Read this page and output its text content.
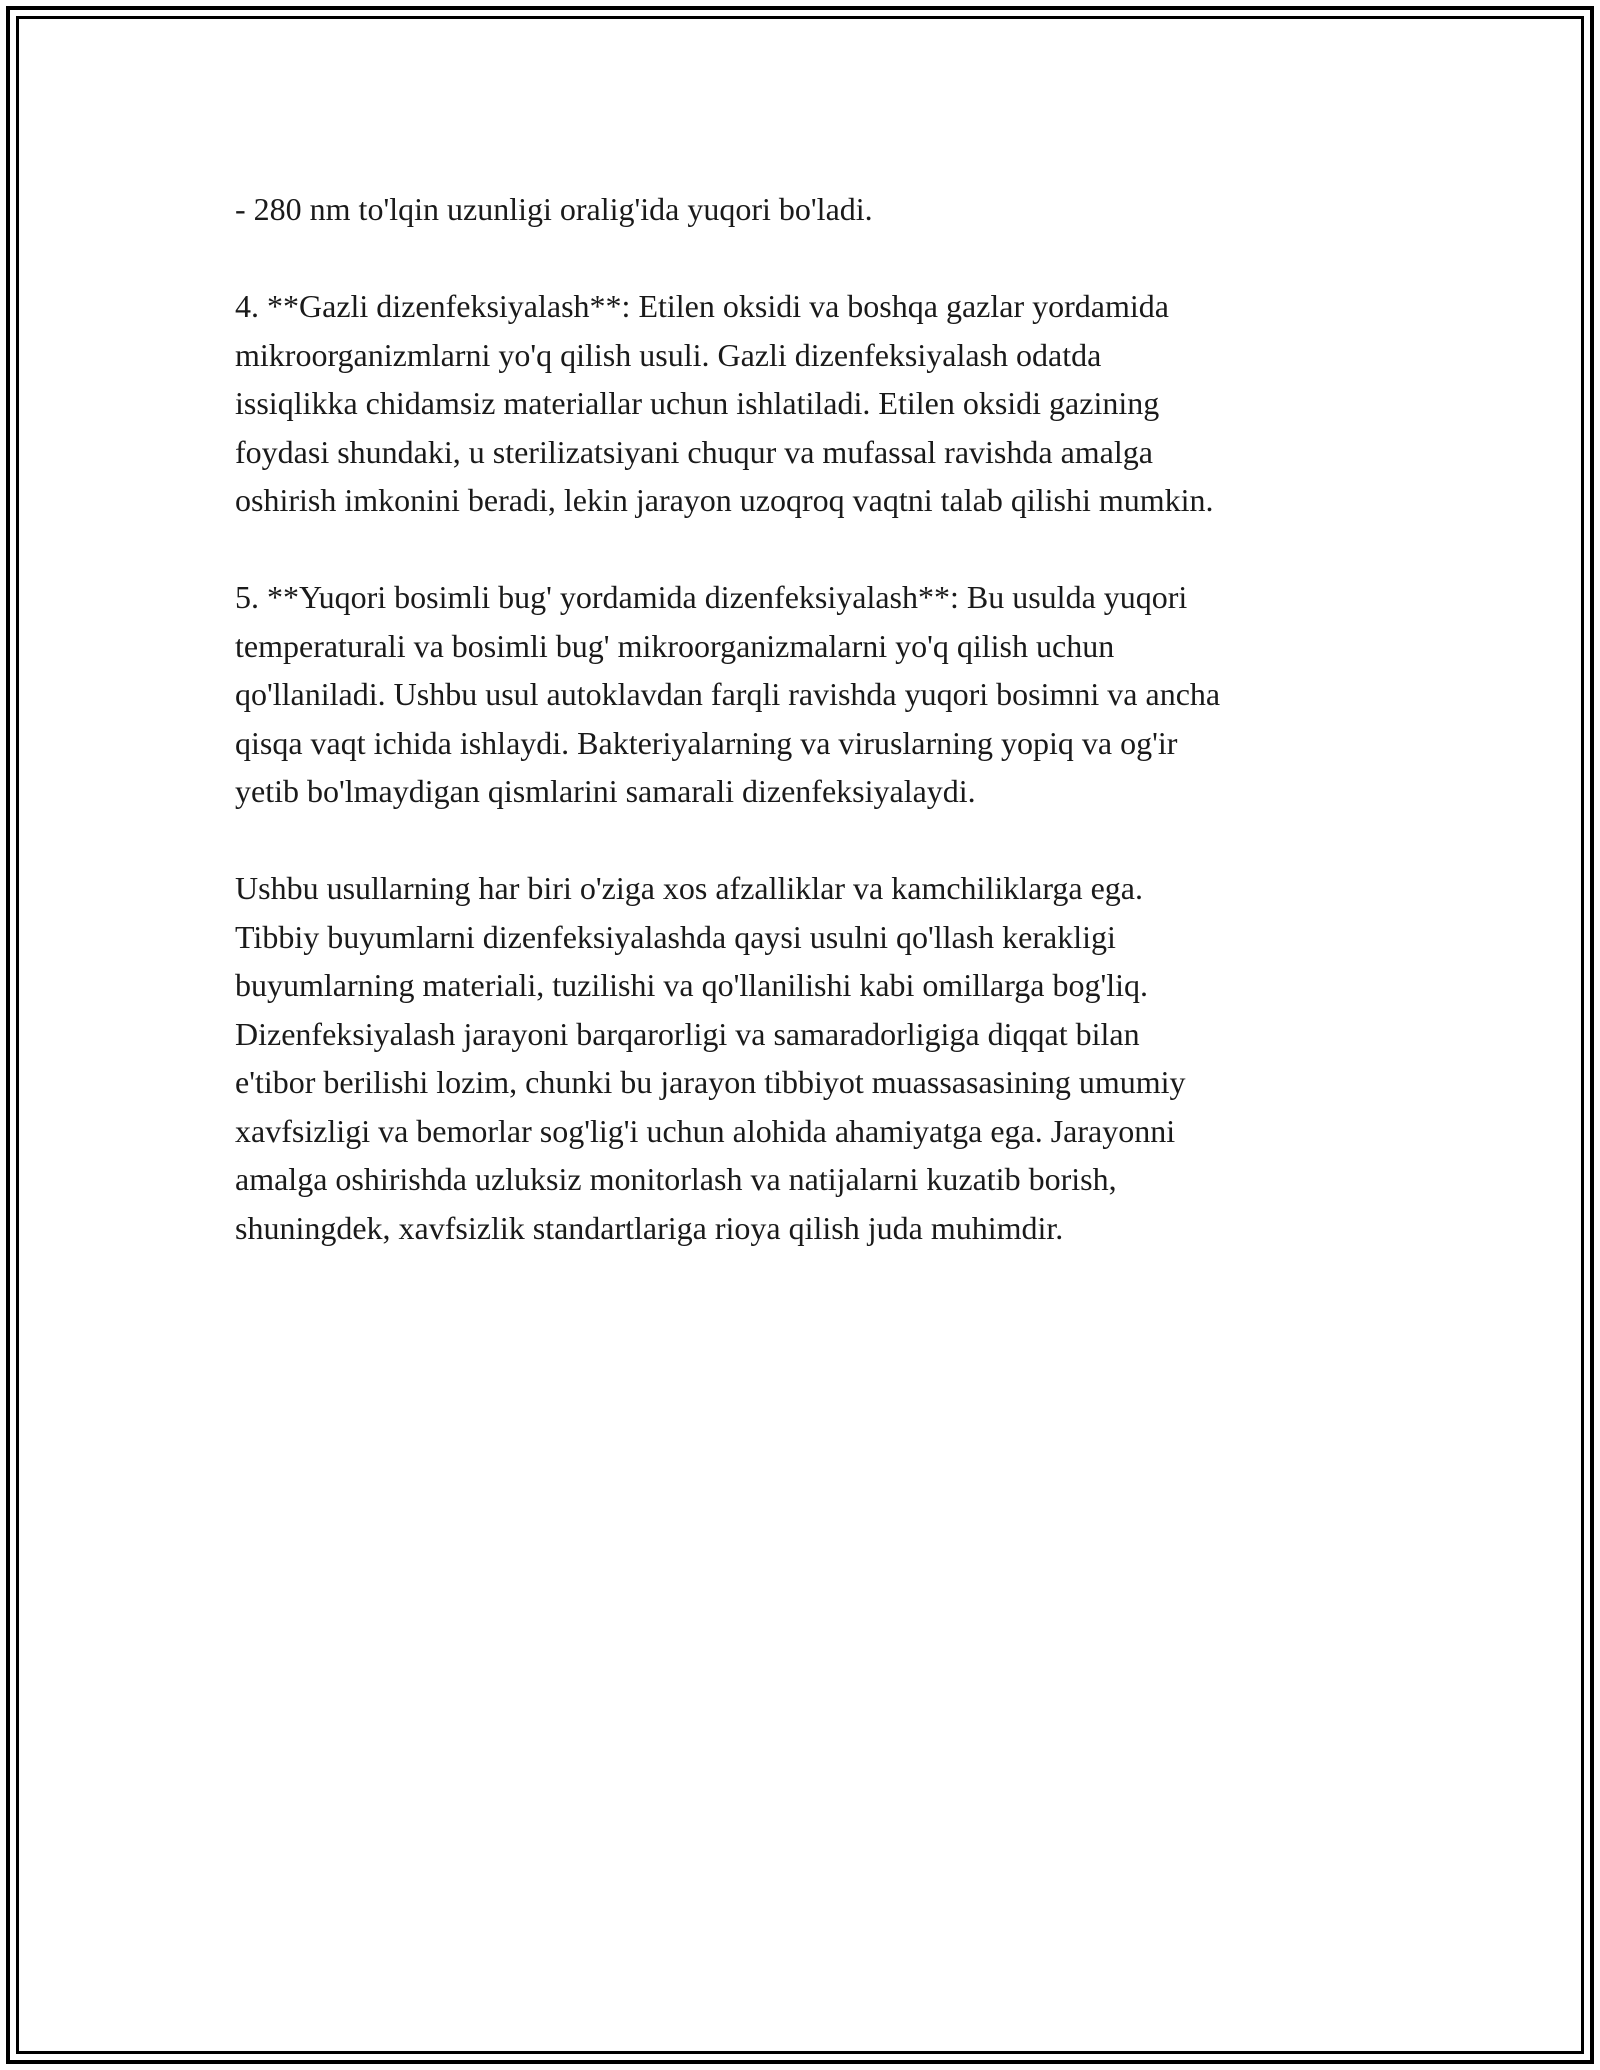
- 280 nm to'lqin uzunligi oralig'ida yuqori bo'ladi.

4. **Gazli dizenfeksiyalash**: Etilen oksidi va boshqa gazlar yordamida
mikroorganizmlarni yo'q qilish usuli. Gazli dizenfeksiyalash odatda
issiqlikka chidamsiz materiallar uchun ishlatiladi. Etilen oksidi gazining
foydasi shundaki, u sterilizatsiyani chuqur va mufassal ravishda amalga
oshirish imkonini beradi, lekin jarayon uzoqroq vaqtni talab qilishi mumkin.

5. **Yuqori bosimli bug' yordamida dizenfeksiyalash**: Bu usulda yuqori
temperaturali va bosimli bug' mikroorganizmalarni yo'q qilish uchun
qo'llaniladi. Ushbu usul autoklavdan farqli ravishda yuqori bosimni va ancha
qisqa vaqt ichida ishlaydi. Bakteriyalarning va viruslarning yopiq va og'ir
yetib bo'lmaydigan qismlarini samarali dizenfeksiyalaydi.

Ushbu usullarning har biri o'ziga xos afzalliklar va kamchiliklarga ega.
Tibbiy buyumlarni dizenfeksiyalashda qaysi usulni qo'llash kerakligi
buyumlarning materiali, tuzilishi va qo'llanilishi kabi omillarga bog'liq.
Dizenfeksiyalash jarayoni barqarorligi va samaradorligiga diqqat bilan
e'tibor berilishi lozim, chunki bu jarayon tibbiyot muassasasining umumiy
xavfsizligi va bemorlar sog'lig'i uchun alohida ahamiyatga ega. Jarayonni
amalga oshirishda uzluksiz monitorlash va natijalarni kuzatib borish,
shuningdek, xavfsizlik standartlariga rioya qilish juda muhimdir.
